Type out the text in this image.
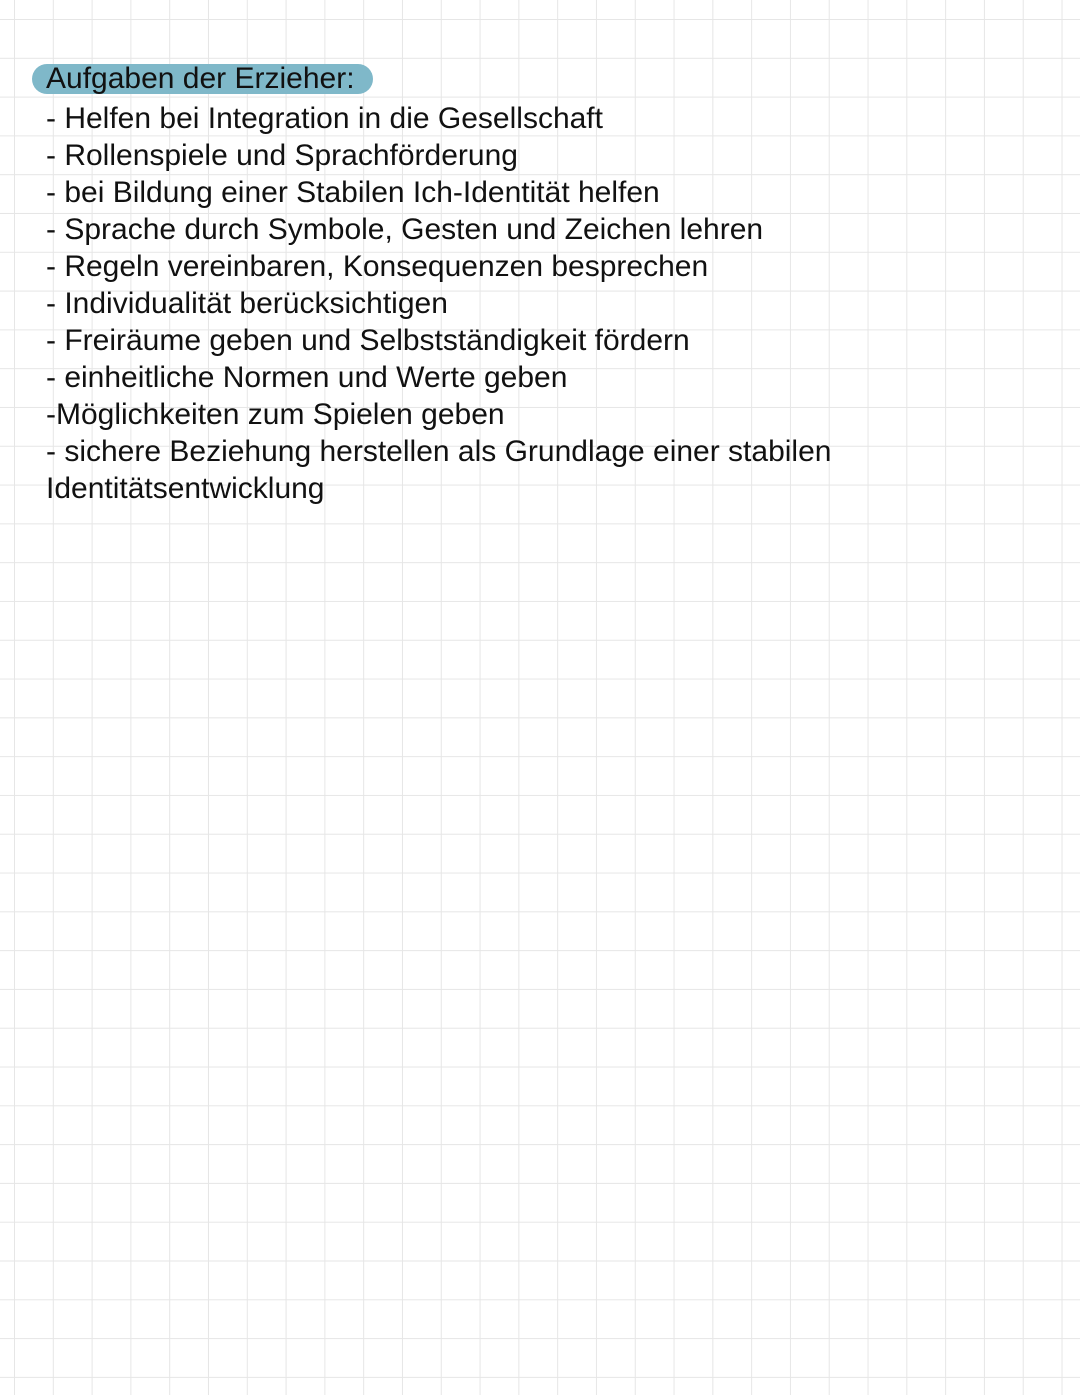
Aufgaben der Erzieher:
- Helfen bei Integration in die Gesellschaft
- Rollenspiele und Sprachförderung
- bei Bildung einer Stabilen Ich-Identität helfen
- Sprache durch Symbole, Gesten und Zeichen lehren
- Regeln vereinbaren, Konsequenzen besprechen
- Individualität berücksichtigen
- Freiräume geben und Selbstständigkeit fördern
- einheitliche Normen und Werte geben
-Möglichkeiten zum Spielen geben
- sichere Beziehung herstellen als Grundlage einer stabilen
Identitätsentwicklung
